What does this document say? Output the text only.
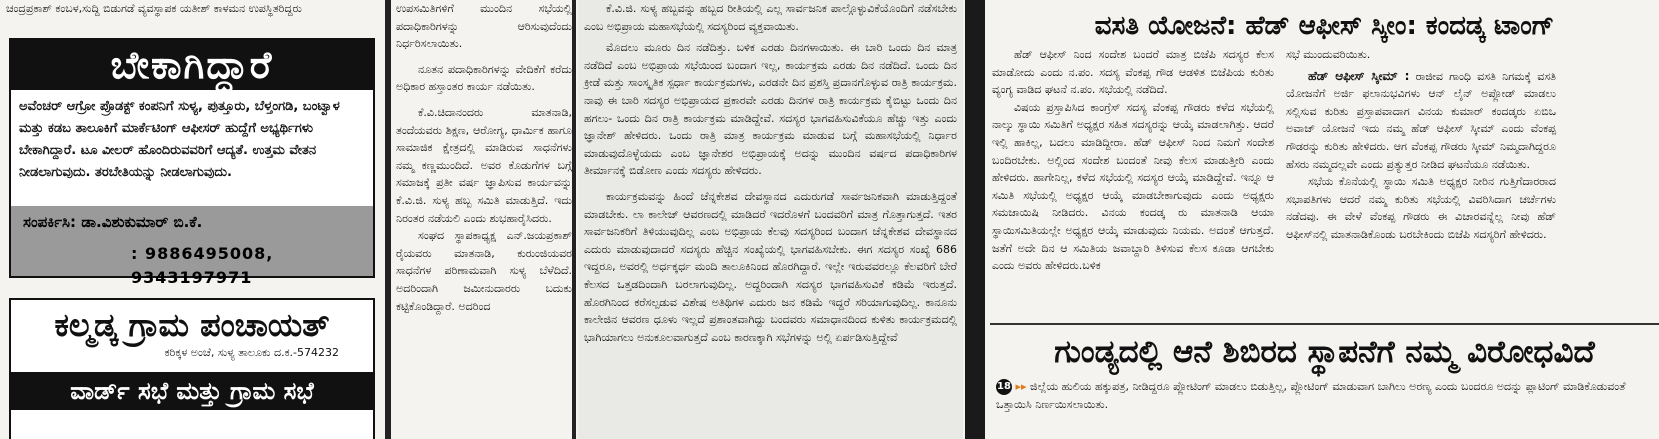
ಚಂದ್ರಪ್ರಕಾಶ್ ಕಂಬಳ,ಸುದ್ದಿ ಬಿಡುಗಡೆ ವ್ಯವಸ್ಥಾಪಕ ಯತೀಶ್ ಕಾಳಮನ ಉಪಸ್ಥಿತರಿದ್ದರು
ಬೇಕಾಗಿದ್ದಾರೆ
ಅವೆಂಚರ್ ಆಗ್ರೋ ಪ್ರೊಡಕ್ಟ್ ಕಂಪನಿಗೆ ಸುಳ್ಯ, ಪುತ್ತೂರು, ಬೆಳ್ತಂಗಡಿ, ಬಂಟ್ವಾಳ ಮತ್ತು ಕಡಬ ತಾಲೂಕಿಗೆ ಮಾರ್ಕೆಟಿಂಗ್ ಆಫೀಸರ್ ಹುದ್ದೆಗೆ ಅಭ್ಯರ್ಥಿಗಳು ಬೇಕಾಗಿದ್ದಾರೆ. ಟೂ ವೀಲರ್ ಹೊಂದಿರುವವರಿಗೆ ಆದ್ಯತೆ. ಉತ್ತಮ ವೇತನ ನೀಡಲಾಗುವುದು. ತರಬೇತಿಯನ್ನು ನೀಡಲಾಗುವುದು.
ಸಂಪರ್ಕಿಸಿ: ಡಾ.ವಿಶುಕುಮಾರ್ ಬಿ.ಕೆ.
: 9886495008, 9343197971
ಕಲ್ಮಡ್ಕ ಗ್ರಾಮ ಪಂಚಾಯತ್
ಕರಿಕ್ಕಳ ಅಂಚೆ, ಸುಳ್ಯ ತಾಲೂಕು ದ.ಕ.-574232
ವಾರ್ಡ್ ಸಭೆ ಮತ್ತು ಗ್ರಾಮ ಸಭೆ

ಉಪಸಮಿತಿಗಳಿಗೆ ಮುಂದಿನ ಸಭೆಯಲ್ಲಿ ಪದಾಧಿಕಾರಿಗಳನ್ನು ಆರಿಸುವುದೆಂದು ನಿರ್ಧರಿಸಲಾಯಿತು.

ನೂತನ ಪದಾಧಿಕಾರಿಗಳನ್ನು ವೇದಿಕೆಗೆ ಕರೆದು ಅಧಿಕಾರ ಹಸ್ತಾಂತರ ಕಾರ್ಯ ನಡೆಯಿತು.

ಕೆ.ವಿ.ಚಿದಾನಂದರು ಮಾತನಾಡಿ, ತಂದೆಯವರು ಶಿಕ್ಷಣ, ಆರೋಗ್ಯ, ಧಾರ್ಮಿಕ ಹಾಗೂ ಸಾಮಾಜಿಕ ಕ್ಷೇತ್ರದಲ್ಲಿ ಮಾಡಿರುವ ಸಾಧನೆಗಳು ನಮ್ಮ ಕಣ್ಣಮುಂದಿದೆ. ಅವರ ಕೊಡುಗೆಗಳ ಬಗ್ಗೆ ಸಮಾಜಕ್ಕೆ ಪ್ರತೀ ವರ್ಷ ಜ್ಞಾಪಿಸುವ ಕಾರ್ಯವನ್ನು ಕೆ.ವಿ.ಜಿ. ಸುಳ್ಯ ಹಬ್ಬ ಸಮಿತಿ ಮಾಡುತ್ತಿದೆ. ಇದು ನಿರಂತರ ನಡೆಯಲಿ ಎಂದು ಶುಭಹಾರೈಸಿದರು.

ಸಂಘದ ಸ್ಥಾಪಕಾಧ್ಯಕ್ಷ ಎನ್.ಜಯಪ್ರಕಾಶ್ ರೈಯವರು ಮಾತನಾಡಿ, ಕುರುಂಜಿಯವರ ಸಾಧನೆಗಳ ಪರಿಣಾಮವಾಗಿ ಸುಳ್ಯ ಬೆಳೆದಿದೆ. ಅದರಿಂದಾಗಿ ಜಮೀನುದಾರರು ಬದುಕು ಕಟ್ಟಿಕೊಂಡಿದ್ದಾರೆ. ಅದರಿಂದ

ಕೆ.ವಿ.ಜಿ. ಸುಳ್ಯ ಹಬ್ಬವನ್ನು ಹಬ್ಬದ ರೀತಿಯಲ್ಲಿ ಎಲ್ಲ ಸಾರ್ವಜನಿಕ ಪಾಲ್ಗೊಳ್ಳುವಿಕೆಯೊಂದಿಗೆ ನಡೆಸಬೇಕು ಎಂಬ ಅಭಿಪ್ರಾಯ ಮಹಾಸಭೆಯಲ್ಲಿ ಸದಸ್ಯರಿಂದ ವ್ಯಕ್ತವಾಯಿತು.

ಮೊದಲು ಮೂರು ದಿನ ನಡೆದಿತ್ತು. ಬಳಿಕ ಎರಡು ದಿನಗಳಾಯಿತು. ಈ ಬಾರಿ ಒಂದು ದಿನ ಮಾತ್ರ ನಡೆದಿದೆ ಎಂಬ ಅಭಿಪ್ರಾಯ ಸಭೆಯಿಂದ ಬಂದಾಗ ಇಲ್ಲ, ಕಾರ್ಯಕ್ರಮ ಎರಡು ದಿನ ನಡೆದಿದೆ. ಒಂದು ದಿನ ಕ್ರೀಡೆ ಮತ್ತು ಸಾಂಸ್ಕೃತಿಕ ಸ್ಪರ್ಧಾ ಕಾರ್ಯಕ್ರಮಗಳು, ಎರಡನೇ ದಿನ ಪ್ರಶಸ್ತಿ ಪ್ರದಾನಗೊಳ್ಳುವ ರಾತ್ರಿ ಕಾರ್ಯಕ್ರಮ. ನಾವು ಈ ಬಾರಿ ಸದಸ್ಯರ ಅಭಿಪ್ರಾಯದ ಪ್ರಕಾರವೇ ಎರಡು ದಿನಗಳ ರಾತ್ರಿ ಕಾರ್ಯಕ್ರಮ ಕೈಬಿಟ್ಟು ಒಂದು ದಿನ ಹಗಲು- ಒಂದು ದಿನ ರಾತ್ರಿ ಕಾರ್ಯಕ್ರಮ ಮಾಡಿದ್ದೇವೆ. ಸದಸ್ಯರ ಭಾಗವಹಿಸುವಿಕೆಯೂ ಹೆಚ್ಚು ಇತ್ತು ಎಂದು ಜ್ಞಾನೇಶ್ ಹೇಳಿದರು. ಒಂದು ರಾತ್ರಿ ಮಾತ್ರ ಕಾರ್ಯಕ್ರಮ ಮಾಡುವ ಬಗ್ಗೆ ಮಹಾಸಭೆಯಲ್ಲಿ ನಿರ್ಧಾರ ಮಾಡುವುದೊಳ್ಳೆಯದು ಎಂಬ ಜ್ಞಾನೇಶರ ಅಭಿಪ್ರಾಯಕ್ಕೆ ಅದನ್ನು ಮುಂದಿನ ವರ್ಷದ ಪದಾಧಿಕಾರಿಗಳ ತೀರ್ಮಾನಕ್ಕೆ ಬಿಡೋಣ ಎಂದು ಸದಸ್ಯರು ಹೇಳಿದರು.

ಕಾರ್ಯಕ್ರಮವನ್ನು ಹಿಂದೆ ಚೆನ್ನಕೇಶವ ದೇವಸ್ಥಾನದ ಎದುರುಗಡೆ ಸಾರ್ವಜನಿಕವಾಗಿ ಮಾಡುತ್ತಿದ್ದಂತೆ ಮಾಡಬೇಕು. ಲಾ ಕಾಲೇಜ್ ಆವರಣದಲ್ಲಿ ಮಾಡಿದರೆ ಇದರೊಳಗೆ ಬಂದವರಿಗೆ ಮಾತ್ರ ಗೊತ್ತಾಗುತ್ತದೆ. ಇತರ ಸಾರ್ವಜನಿಕರಿಗೆ ತಿಳಿಯುವುದಿಲ್ಲ ಎಂಬ ಅಭಿಪ್ರಾಯ ಕೆಲವು ಸದಸ್ಯರಿಂದ ಬಂದಾಗ ಚೆನ್ನಕೇಶವ ದೇವಸ್ಥಾನದ ಎದುರು ಮಾಡುವುದಾದರೆ ಸದಸ್ಯರು ಹೆಚ್ಚಿನ ಸಂಖ್ಯೆಯಲ್ಲಿ ಭಾಗವಹಿಸಬೇಕು. ಈಗ ಸದಸ್ಯರ ಸಂಖ್ಯೆ 686 ಇದ್ದರೂ, ಅವರಲ್ಲಿ ಅರ್ಧಕ್ಕರ್ಧ ಮಂದಿ ತಾಲೂಕಿನಿಂದ ಹೊರಗಿದ್ದಾರೆ. ಇಲ್ಲೇ ಇರುವವರಲ್ಲೂ ಕೆಲವರಿಗೆ ಬೇರೆ ಕೆಲಸದ ಒತ್ತಡದಿಂದಾಗಿ ಬರಲಾಗುವುದಿಲ್ಲ. ಅದ್ದರಿಂದಾಗಿ ಸದಸ್ಯರ ಭಾಗವಹಿಸುವಿಕೆ ಕಡಿಮೆ ಇರುತ್ತದೆ. ಹೊರಗಿನಿಂದ ಕರೆಸಲ್ಪಡುವ ವಿಶೇಷ ಅತಿಥಿಗಳ ಎದುರು ಜನ ಕಡಿಮೆ ಇದ್ದರೆ ಸರಿಯಾಗುವುದಿಲ್ಲ. ಕಾನೂನು ಕಾಲೇಜಿನ ಆವರಣ ಧೂಳು ಇಲ್ಲದೆ ಪ್ರಶಾಂತವಾಗಿದ್ದು ಬಂದವರು ಸಮಾಧಾನದಿಂದ ಕುಳಿತು ಕಾರ್ಯಕ್ರಮದಲ್ಲಿ ಭಾಗಿಯಾಗಲು ಅನುಕೂಲವಾಗುತ್ತದೆ ಎಂಬ ಕಾರಣಕ್ಕಾಗಿ ಸಭೆಗಳನ್ನು ಅಲ್ಲಿ ಏರ್ಪಡಿಸುತ್ತಿದ್ದೇವೆ

ವಸತಿ ಯೋಜನೆ: ಹೆಡ್ ಆಫೀಸ್ ಸ್ಕೀಂ: ಕಂದಡ್ಕ ಟಾಂಗ್

ಹೆಡ್ ಆಫೀಸ್ ನಿಂದ ಸಂದೇಶ ಬಂದರೆ ಮಾತ್ರ ಬಿಜೆಪಿ ಸದಸ್ಯರ ಕೆಲಸ ಮಾಡೋದು ಎಂದು ನ.ಪಂ. ಸದಸ್ಯ ವೆಂಕಪ್ಪ ಗೌಡ ಆಡಳಿತ ಬಿಜೆಪಿಯ ಕುರಿತು ವ್ಯಂಗ್ಯ ವಾಡಿದ ಘಟನೆ ನ.ಪಂ. ಸಭೆಯಲ್ಲಿ ನಡೆದಿದೆ.

ವಿಷಯ ಪ್ರಸ್ತಾಪಿಸಿದ ಕಾಂಗ್ರೆಸ್ ಸದಸ್ಯ ವೆಂಕಪ್ಪ ಗೌಡರು ಕಳೆದ ಸಭೆಯಲ್ಲಿ ನಾಲ್ಕು ಸ್ಥಾಯಿ ಸಮಿತಿಗೆ ಅಧ್ಯಕ್ಷರ ಸಹಿತ ಸದಸ್ಯರನ್ನು ಆಯ್ಕೆ ಮಾಡಲಾಗಿತ್ತು. ಆದರೆ ಇಲ್ಲಿ ಹಾಕಿಲ್ಲ, ಬದಲು ಮಾಡಿದ್ದೀರಾ. ಹೆಡ್ ಆಫೀಸ್ ನಿಂದ ನಿಮಗೆ ಸಂದೇಶ ಬಂದಿರಬೇಕು. ಅಲ್ಲಿಂದ ಸಂದೇಶ ಬಂದಂತೆ ನೀವು ಕೆಲಸ ಮಾಡುತ್ತೀರಿ ಎಂದು ಹೇಳಿದರು. ಹಾಗೇನಿಲ್ಲ, ಕಳೆದ ಸಭೆಯಲ್ಲಿ ಸದಸ್ಯರ ಆಯ್ಕೆ ಮಾಡಿದ್ದೇವೆ. ಇನ್ನೂ ಆ ಸಮಿತಿ ಸಭೆಯಲ್ಲಿ ಅಧ್ಯಕ್ಷರ ಆಯ್ಕೆ ಮಾಡಬೇಕಾಗುವುದು ಎಂದು ಅಧ್ಯಕ್ಷರು ಸಮಜಾಯಿಷಿ ನೀಡಿದರು. ವಿನಯ ಕಂದಡ್ಕ ರು ಮಾತನಾಡಿ ಆಯಾ ಸ್ಥಾಯಿಸಮಿತಿಯಲ್ಲೇ ಅಧ್ಯಕ್ಷರ ಆಯ್ಕೆ ಮಾಡುವುದು ನಿಯಮ. ಅದಂತೆ ಆಗುತ್ತದೆ. ಜತೆಗೆ ಅದೇ ದಿನ ಆ ಸಮಿತಿಯ ಜವಾಬ್ದಾರಿ ತಿಳಿಸುವ ಕೆಲಸ ಕೂಡಾ ಆಗಬೇಕು ಎಂದು ಅವರು ಹೇಳಿದರು.ಬಳಿಕ

ಸಭೆ ಮುಂದುವರಿಯಿತು.

ಹೆಡ್ ಆಫೀಸ್ ಸ್ಕೀಮ್ : ರಾಜೀವ ಗಾಂಧಿ ವಸತಿ ನಿಗಮಕ್ಕೆ ವಸತಿ ಯೋಜನೆಗೆ ಅರ್ಜಿ ಫಲಾನುಭವಿಗಳು ಆನ್ ಲೈನ್ ಅಪ್ಲೋಡ್ ಮಾಡಲು ಸಲ್ಲಿಸುವ ಕುರಿತು ಪ್ರಸ್ತಾಪವಾದಾಗ ವಿನಯ ಕುಮಾರ್ ಕಂದಡ್ಕರು ಏಬಿಒ ಅವಾಜ್ ಯೋಜನೆ ಇದು ನಮ್ಮ ಹೆಡ್ ಆಫೀಸ್ ಸ್ಕೀಮ್ ಎಂದು ವೆಂಕಪ್ಪ ಗೌಡರನ್ನು ಕುರಿತು ಹೇಳಿದರು. ಆಗ ವೆಂಕಪ್ಪ ಗೌಡರು ಸ್ಕೀಮ್ ನಿಮ್ಮದಾಗಿದ್ದರೂ ಹೆಸರು ನಮ್ಮದಲ್ಲವೇ ಎಂದು ಪ್ರತ್ಯುತ್ತರ ನೀಡಿದ ಘಟನೆಯೂ ನಡೆಯಿತು.

ಸಭೆಯ ಕೊನೆಯಲ್ಲಿ ಸ್ಥಾಯಿ ಸಮಿತಿ ಅಧ್ಯಕ್ಷರ ನೀರಿನ ಗುತ್ತಿಗೆದಾರರಾದ ಸಭಾಪತಿಗಳು ಆದರೆ ನಮ್ಮ ಕುರಿತು ಸಭೆಯಲ್ಲಿ ವಿವರಿಸಿದಾಗ ಚರ್ಚೆಗಳು ನಡೆದವು. ಈ ವೇಳೆ ವೆಂಕಪ್ಪ ಗೌಡರು ಈ ವಿಚಾರವನ್ನೆಲ್ಲ ನೀವು ಹೆಡ್ ಆಫೀಸ್‌ನಲ್ಲಿ ಮಾತನಾಡಿಕೊಂಡು ಬರಬೇಕಿಂದು ಬಿಜೆಪಿ ಸದಸ್ಯರಿಗೆ ಹೇಳಿದರು.

ಗುಂಡ್ಯದಲ್ಲಿ ಆನೆ ಶಿಬಿರದ ಸ್ಥಾಪನೆಗೆ ನಮ್ಮ ವಿರೋಧವಿದೆ
18 ▸▸ ಜಿಲ್ಲೆಯ ಹುಲಿಯ ಹಕ್ಕುಪತ್ರ, ನೀಡಿದ್ದರೂ ಪ್ಲೋಟಿಂಗ್ ಮಾಡಲು ಬಿಡುತ್ತಿಲ್ಲ, ಪ್ಲೋಟಿಂಗ್ ಮಾಡುವಾಗ ಬಾಗಿಲು ಅರಣ್ಯ ಎಂದು ಬಂದರೂ ಅದನ್ನು ಪ್ಲಾಟಿಂಗ್ ಮಾಡಿಕೊಡುವಂತೆ ಒತ್ತಾಯಿಸಿ ನಿರ್ಣಯಿಸಲಾಯಿತು.
